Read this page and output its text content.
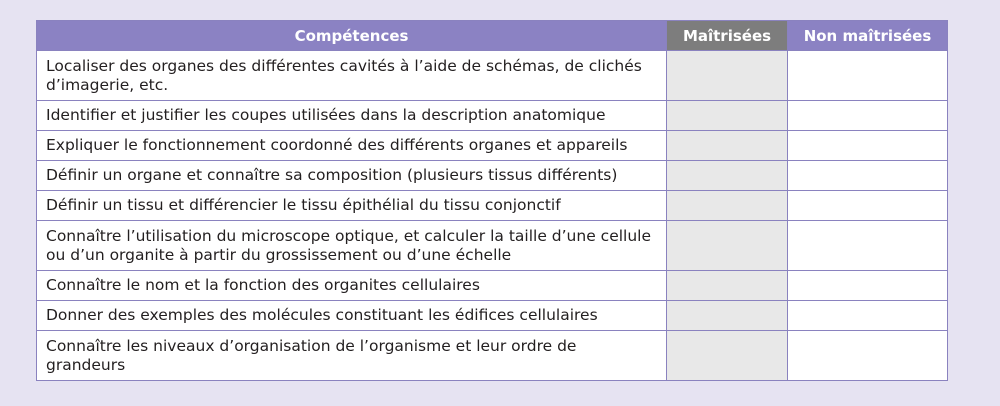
Compétences	Maîtrisées	Non maîtrisées
Localiser des organes des différentes cavités à l’aide de schémas, de clichés d’imagerie, etc.		
Identifier et justifier les coupes utilisées dans la description anatomique		
Expliquer le fonctionnement coordonné des différents organes et appareils		
Définir un organe et connaître sa composition (plusieurs tissus différents)		
Définir un tissu et différencier le tissu épithélial du tissu conjonctif		
Connaître l’utilisation du microscope optique, et calculer la taille d’une cellule ou d’un organite à partir du grossissement ou d’une échelle		
Connaître le nom et la fonction des organites cellulaires		
Donner des exemples des molécules constituant les édifices cellulaires		
Connaître les niveaux d’organisation de l’organisme et leur ordre de grandeurs		
